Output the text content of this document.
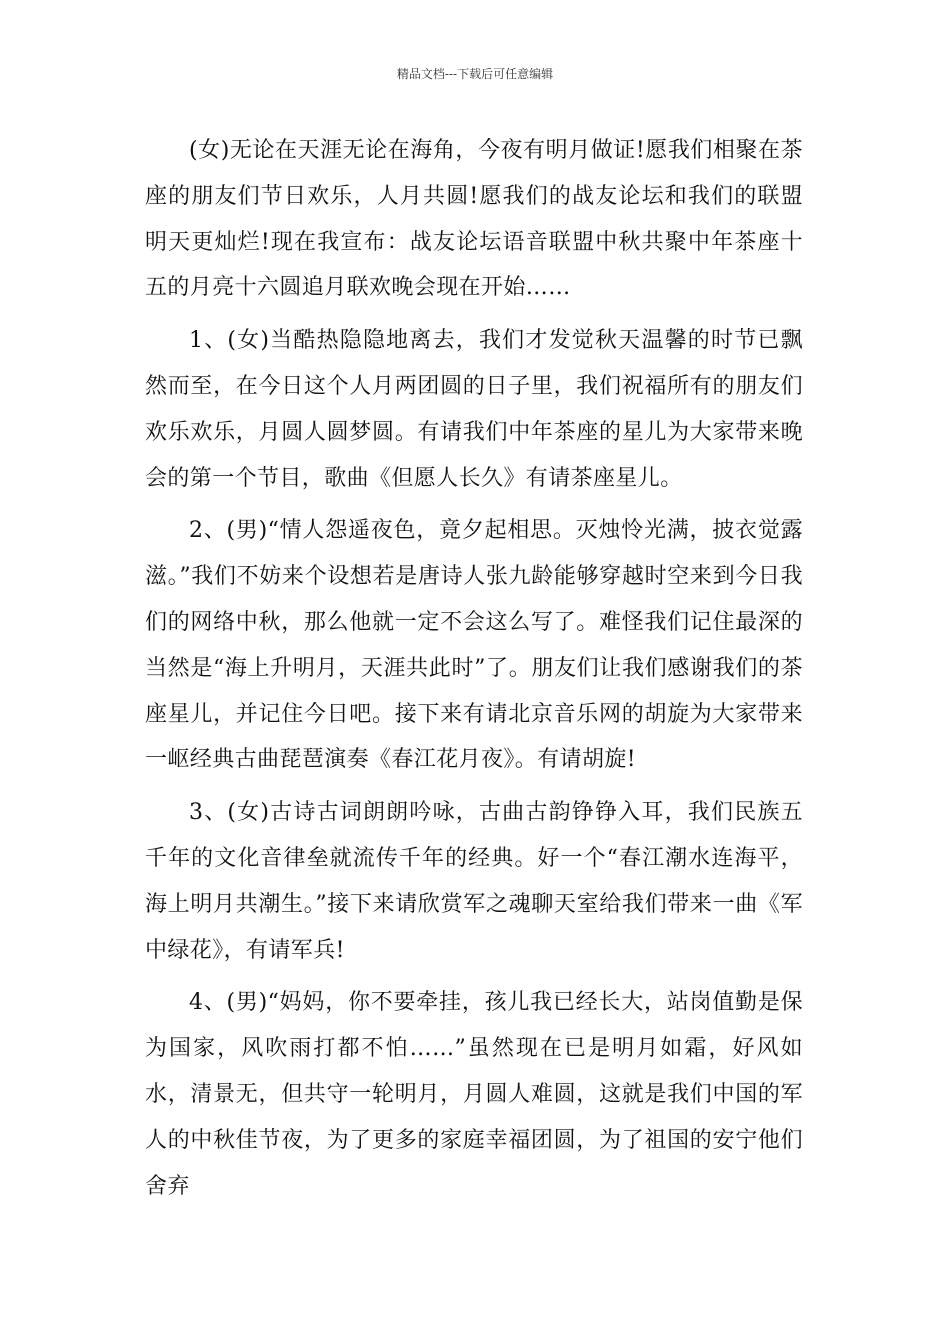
精品文档---下载后可任意编辑

(女)无论在天涯无论在海角，今夜有明月做证!愿我们相聚在茶座的朋友们节日欢乐，人月共圆!愿我们的战友论坛和我们的联盟明天更灿烂!现在我宣布：战友论坛语音联盟中秋共聚中年茶座十五的月亮十六圆追月联欢晚会现在开始……

1、(女)当酷热隐隐地离去，我们才发觉秋天温馨的时节已飘然而至，在今日这个人月两团圆的日子里，我们祝福所有的朋友们欢乐欢乐，月圆人圆梦圆。有请我们中年茶座的星儿为大家带来晚会的第一个节目，歌曲《但愿人长久》有请茶座星儿。

2、(男)“情人怨遥夜色，竟夕起相思。灭烛怜光满，披衣觉露滋。”我们不妨来个设想若是唐诗人张九龄能够穿越时空来到今日我们的网络中秋，那么他就一定不会这么写了。难怪我们记住最深的当然是“海上升明月，天涯共此时”了。朋友们让我们感谢我们的茶座星儿，并记住今日吧。接下来有请北京音乐网的胡旋为大家带来一岖经典古曲琵琶演奏《春江花月夜》。有请胡旋!

3、(女)古诗古词朗朗吟咏，古曲古韵铮铮入耳，我们民族五千年的文化音律垒就流传千年的经典。好一个“春江潮水连海平，海上明月共潮生。”接下来请欣赏军之魂聊天室给我们带来一曲《军中绿花》，有请军兵!

4、(男)“妈妈，你不要牵挂，孩儿我已经长大，站岗值勤是保为国家，风吹雨打都不怕……”虽然现在已是明月如霜，好风如水，清景无，但共守一轮明月，月圆人难圆，这就是我们中国的军人的中秋佳节夜，为了更多的家庭幸福团圆，为了祖国的安宁他们舍弃
